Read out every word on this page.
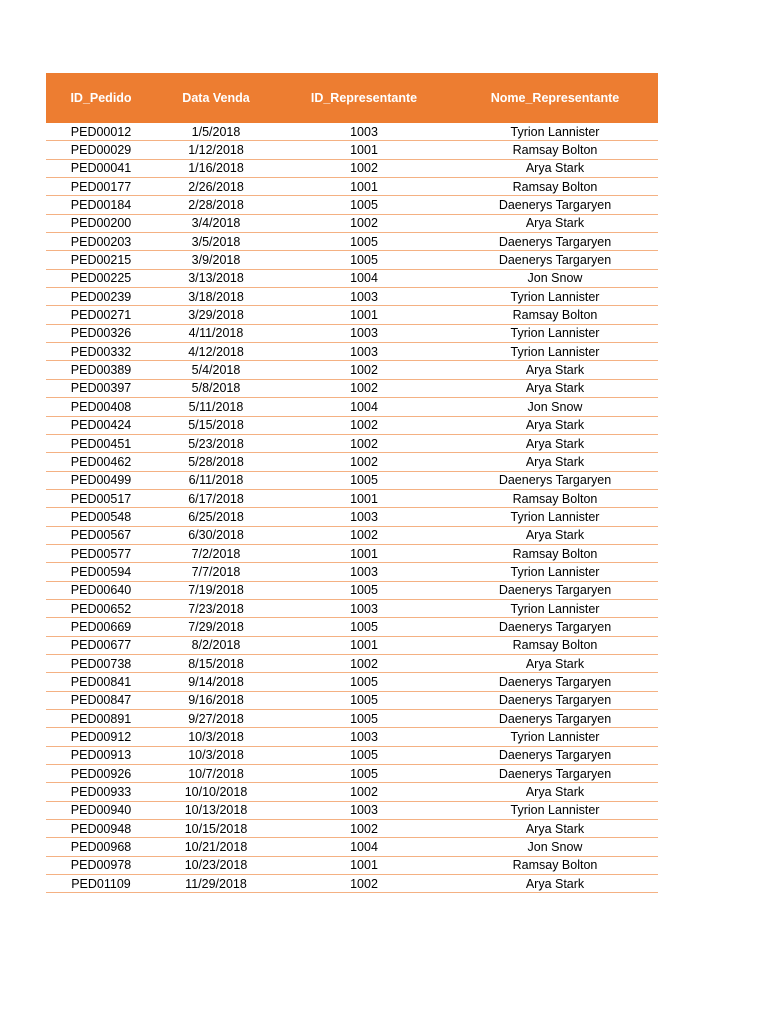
ID_Pedido	Data Venda	ID_Representante	Nome_Representante
PED00012	1/5/2018	1003	Tyrion Lannister
PED00029	1/12/2018	1001	Ramsay Bolton
PED00041	1/16/2018	1002	Arya Stark
PED00177	2/26/2018	1001	Ramsay Bolton
PED00184	2/28/2018	1005	Daenerys Targaryen
PED00200	3/4/2018	1002	Arya Stark
PED00203	3/5/2018	1005	Daenerys Targaryen
PED00215	3/9/2018	1005	Daenerys Targaryen
PED00225	3/13/2018	1004	Jon Snow
PED00239	3/18/2018	1003	Tyrion Lannister
PED00271	3/29/2018	1001	Ramsay Bolton
PED00326	4/11/2018	1003	Tyrion Lannister
PED00332	4/12/2018	1003	Tyrion Lannister
PED00389	5/4/2018	1002	Arya Stark
PED00397	5/8/2018	1002	Arya Stark
PED00408	5/11/2018	1004	Jon Snow
PED00424	5/15/2018	1002	Arya Stark
PED00451	5/23/2018	1002	Arya Stark
PED00462	5/28/2018	1002	Arya Stark
PED00499	6/11/2018	1005	Daenerys Targaryen
PED00517	6/17/2018	1001	Ramsay Bolton
PED00548	6/25/2018	1003	Tyrion Lannister
PED00567	6/30/2018	1002	Arya Stark
PED00577	7/2/2018	1001	Ramsay Bolton
PED00594	7/7/2018	1003	Tyrion Lannister
PED00640	7/19/2018	1005	Daenerys Targaryen
PED00652	7/23/2018	1003	Tyrion Lannister
PED00669	7/29/2018	1005	Daenerys Targaryen
PED00677	8/2/2018	1001	Ramsay Bolton
PED00738	8/15/2018	1002	Arya Stark
PED00841	9/14/2018	1005	Daenerys Targaryen
PED00847	9/16/2018	1005	Daenerys Targaryen
PED00891	9/27/2018	1005	Daenerys Targaryen
PED00912	10/3/2018	1003	Tyrion Lannister
PED00913	10/3/2018	1005	Daenerys Targaryen
PED00926	10/7/2018	1005	Daenerys Targaryen
PED00933	10/10/2018	1002	Arya Stark
PED00940	10/13/2018	1003	Tyrion Lannister
PED00948	10/15/2018	1002	Arya Stark
PED00968	10/21/2018	1004	Jon Snow
PED00978	10/23/2018	1001	Ramsay Bolton
PED01109	11/29/2018	1002	Arya Stark
